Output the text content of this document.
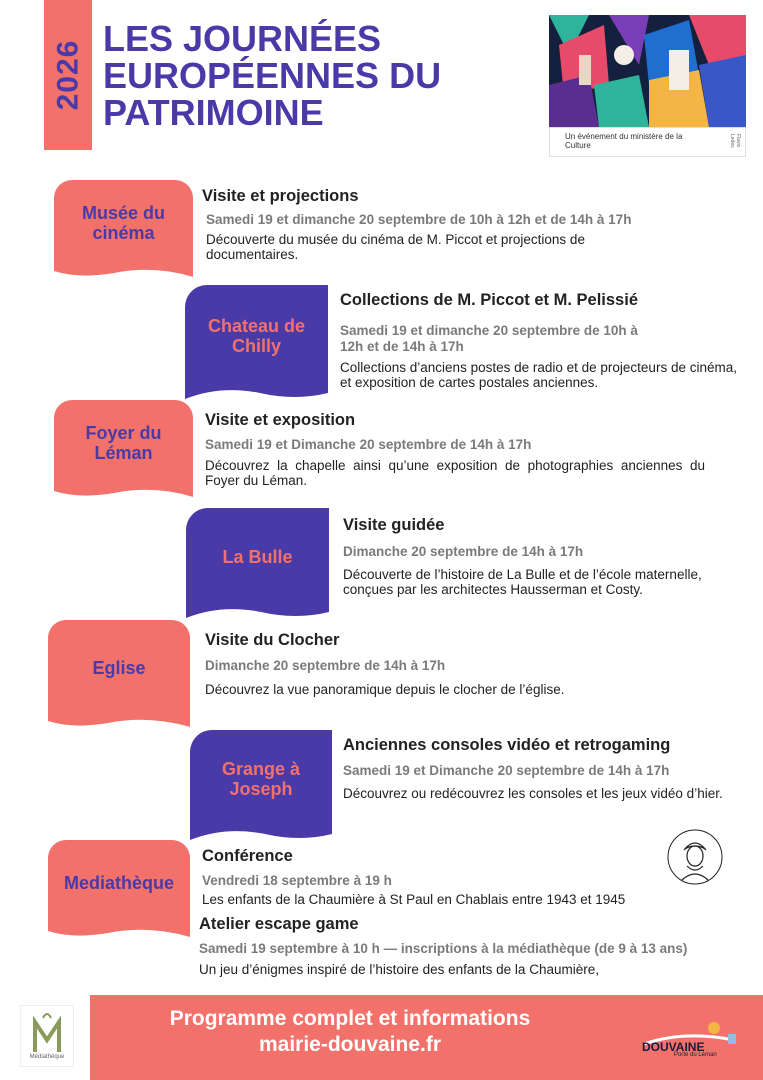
2026
LES JOURNÉES
EUROPÉENNES DU
PATRIMOINE
Un événement du ministère de la Culture	Flavio Ledes
Musée du cinéma
Visite et projections
Samedi 19 et dimanche 20 septembre de 10h à 12h et de 14h à 17h
Découverte du musée du cinéma de M. Piccot et projections de documentaires.
Chateau de Chilly
Collections de M. Piccot et M. Pelissié
Samedi 19 et dimanche 20 septembre de 10h à
12h et de 14h à 17h
Collections d’anciens postes de radio et de projecteurs de cinéma, et exposition de cartes postales anciennes.
Foyer du Léman
Visite et exposition
Samedi 19 et Dimanche 20 septembre de 14h à 17h
Découvrez la chapelle ainsi qu’une exposition de photographies anciennes du Foyer du Léman.
La Bulle
Visite guidée
Dimanche 20 septembre de 14h à 17h
Découverte de l’histoire de La Bulle et de l’école maternelle, conçues par les architectes Hausserman et Costy.
Eglise
Visite du Clocher
Dimanche 20 septembre de 14h à 17h
Découvrez la vue panoramique depuis le clocher de l’église.
Grange à Joseph
Anciennes consoles vidéo et retrogaming
Samedi 19 et Dimanche 20 septembre de 14h à 17h
Découvrez ou redécouvrez les consoles et les jeux vidéo d’hier.
Mediathèque
Conférence
Vendredi 18 septembre à 19 h
Les enfants de la Chaumière à St Paul en Chablais entre 1943 et 1945
Atelier escape game
Samedi 19 septembre à 10 h — inscriptions à la médiathèque (de 9 à 13 ans)
Un jeu d’énigmes inspiré de l’histoire des enfants de la Chaumière,
Programme complet et informations
mairie-douvaine.fr
Médiathèque
DOUVAINE
Porte du Léman
